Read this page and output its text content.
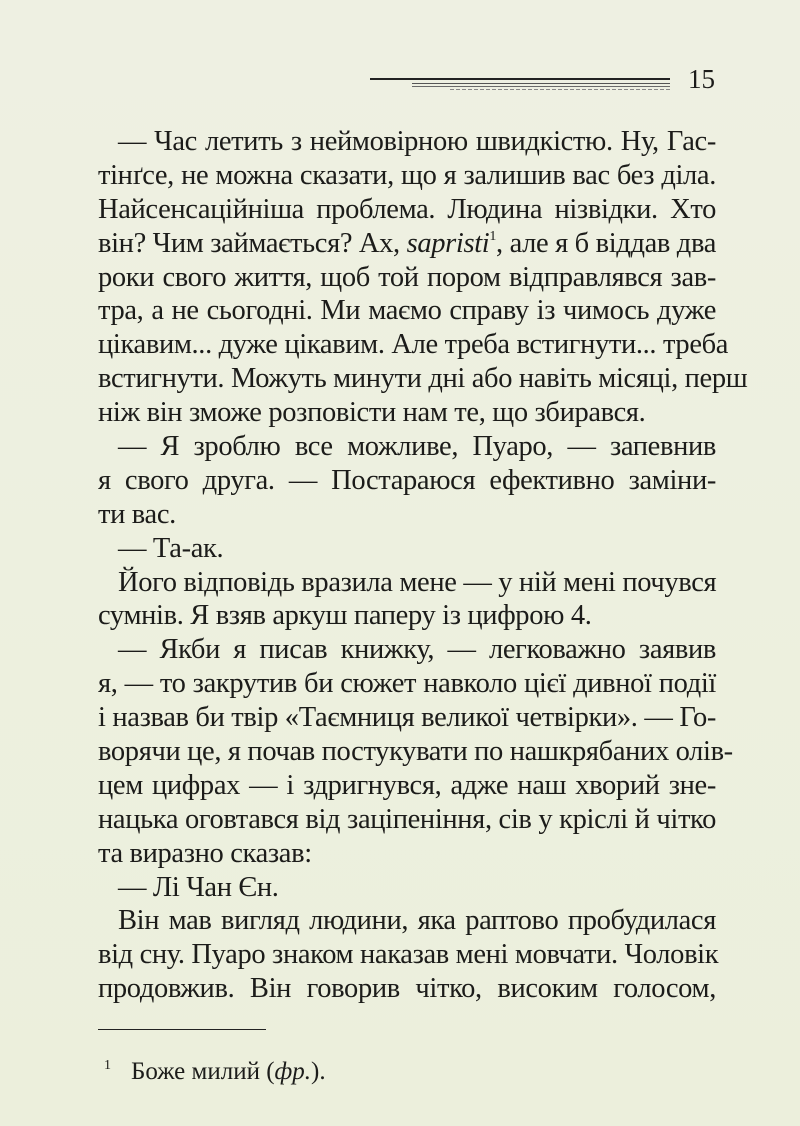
15
— Час летить з неймовірною швидкістю. Ну, Гас-
тінґсе, не можна сказати, що я залишив вас без діла.
Найсенсаційніша проблема. Людина нізвідки. Хто
він? Чим займається? Ах, sapristi$^1$, але я б віддав два
роки свого життя, щоб той пором відправлявся зав-
тра, а не сьогодні. Ми маємо справу із чимось дуже
цікавим... дуже цікавим. Але треба встигнути... треба
встигнути. Можуть минути дні або навіть місяці, перш
ніж він зможе розповісти нам те, що збирався.
— Я зроблю все можливе, Пуаро, — запевнив
я свого друга. — Постараюся ефективно заміни-
ти вас.
— Та-ак.
Його відповідь вразила мене — у ній мені почувся
сумнів. Я взяв аркуш паперу із цифрою 4.
— Якби я писав книжку, — легковажно заявив
я, — то закрутив би сюжет навколо цієї дивної події
і назвав би твір «Таємниця великої четвірки». — Го-
ворячи це, я почав постукувати по нашкрябаних олів-
цем цифрах — і здригнувся, адже наш хворий зне-
нацька оговтався від заціпеніння, сів у кріслі й чітко
та виразно сказав:
— Лі Чан Єн.
Він мав вигляд людини, яка раптово пробудилася
від сну. Пуаро знаком наказав мені мовчати. Чоловік
продовжив. Він говорив чітко, високим голосом,
$^1$ Боже милий (фр.).
